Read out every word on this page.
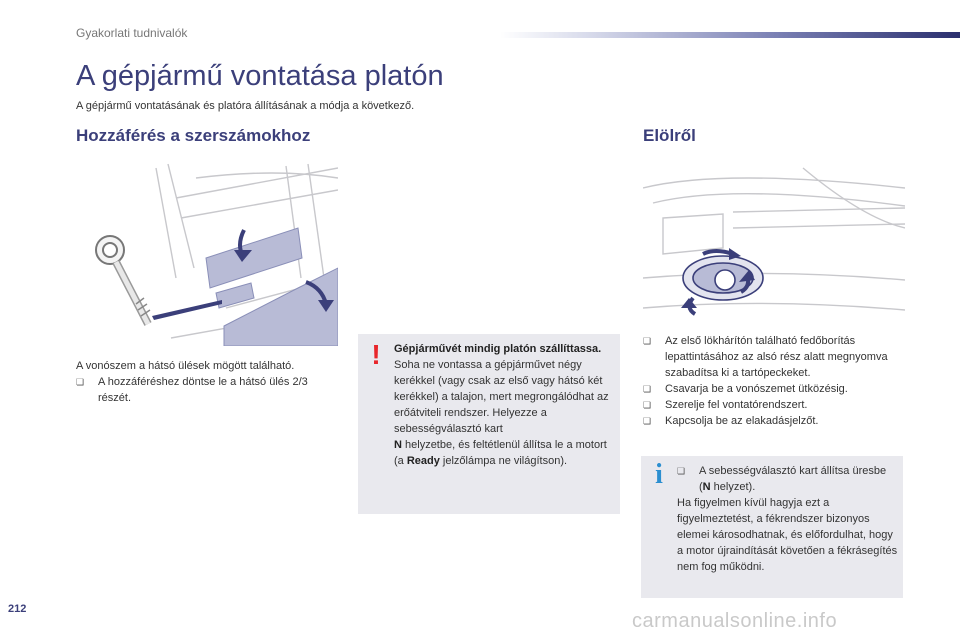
Gyakorlati tudnivalók
A gépjármű vontatása platón
A gépjármű vontatásának és platóra állításának a módja a következő.
Hozzáférés a szerszámokhoz	Elölről
A vonószem a hátsó ülések mögött található.
❏	A hozzáféréshez döntse le a hátsó ülés 2/3 részét.
❏	Az első lökhárítón található fedőborítás lepattintásához az alsó rész alatt megnyomva szabadítsa ki a tartópeckeket.
❏	Csavarja be a vonószemet ütközésig.
❏	Szerelje fel vontatórendszert.
❏	Kapcsolja be az elakadásjelzőt.
!	Gépjárművét mindig platón szállíttassa.
Soha ne vontassa a gépjárművet négy kerékkel (vagy csak az első vagy hátsó két kerékkel) a talajon, mert megrongálódhat az erőátviteli rendszer. Helyezze a sebességválasztó kart
N helyzetbe, és feltétlenül állítsa le a motort (a Ready jelzőlámpa ne világítson).	i	❏	A sebességválasztó kart állítsa üresbe (N helyzet).
Ha figyelmen kívül hagyja ezt a figyelmeztetést, a fékrendszer bizonyos elemei károsodhatnak, és előfordulhat, hogy a motor újraindítását követően a fékrásegítés nem fog működni.
212
carmanualsonline.info
